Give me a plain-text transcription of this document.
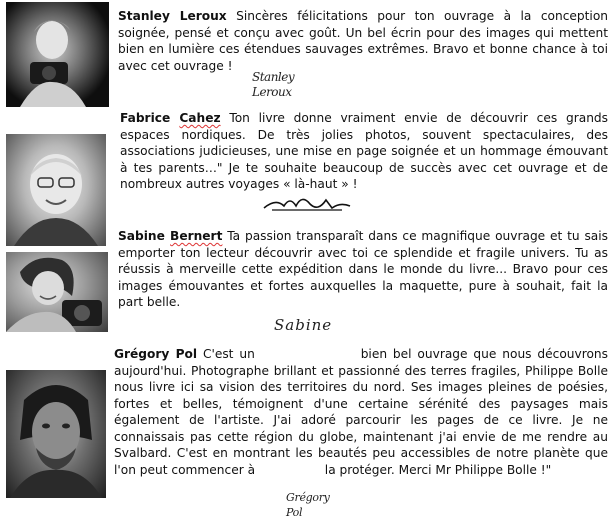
Stanley Leroux Sincères félicitations pour ton ouvrage à la conception soignée, pensé et conçu avec goût. Un bel écrin pour des images qui mettent bien en lumière ces étendues sauvages extrêmes. Bravo et bonne chance à toi avec cet ouvrage !
Stanley Leroux
Fabrice Cahez Ton livre donne vraiment envie de découvrir ces grands espaces nordiques. De très jolies photos, souvent spectaculaires, des associations judicieuses, une mise en page soignée et un hommage émouvant à tes parents…" Je te souhaite beaucoup de succès avec cet ouvrage et de nombreux autres voyages « là-haut » !
Sabine Bernert Ta passion transparaît dans ce magnifique ouvrage et tu sais emporter ton lecteur découvrir avec toi ce splendide et fragile univers. Tu as réussis à merveille cette expédition dans le monde du livre... Bravo pour ces images émouvantes et fortes auxquelles la maquette, pure à souhait, fait la part belle.
Sabine
Grégory Pol C'est un                  bien bel ouvrage que nous découvrons aujourd'hui. Photographe brillant et passionné des terres fragiles, Philippe Bolle nous livre ici sa vision des territoires du nord. Ses images pleines de poésies, fortes et belles, témoignent d'une certaine sérénité des paysages mais également de l'artiste. J'ai adoré parcourir les pages de ce livre. Je ne connaissais pas cette région du globe, maintenant j'ai envie de me rendre au Svalbard. C'est en montrant les beautés peu accessibles de notre planète que l'on peut commencer à                  la protéger. Merci Mr Philippe Bolle !"
Grégory Pol
